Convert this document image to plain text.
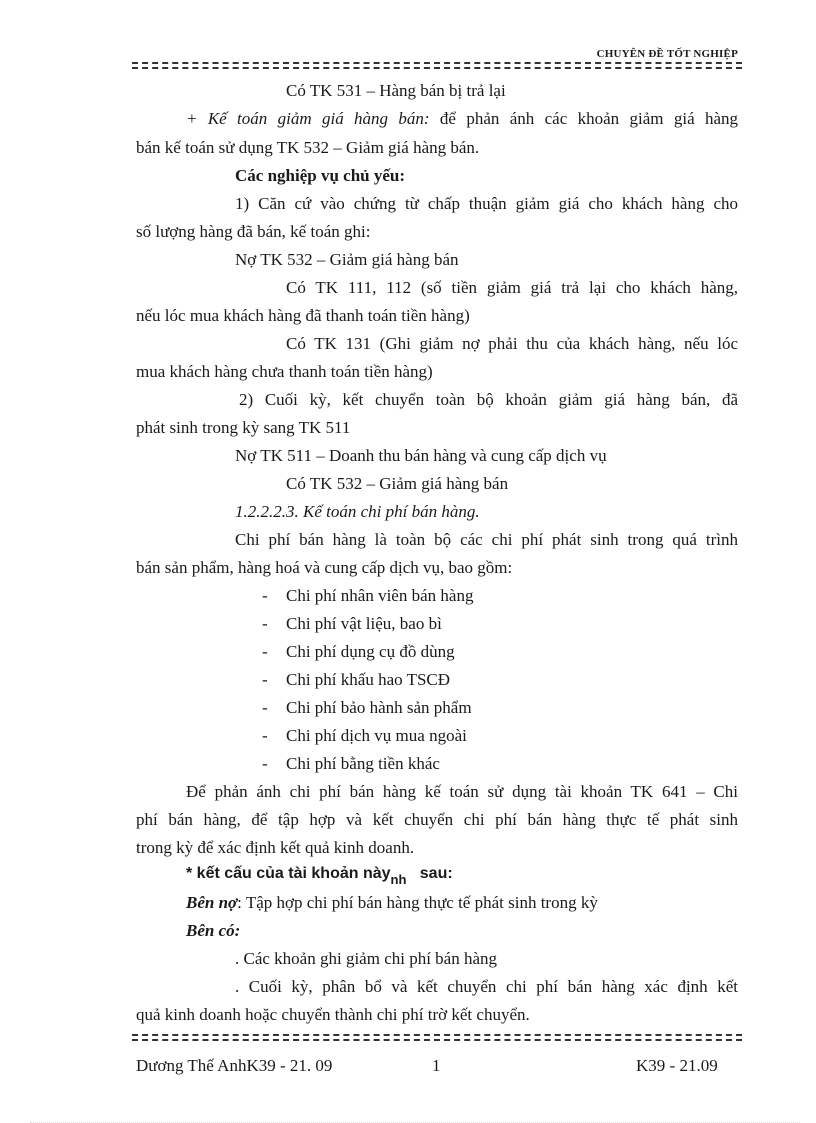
CHUYÊN ĐỀ TỐT NGHIỆP
Có TK 531 – Hàng bán bị trả lại
+ Kế toán giảm giá hàng bán: để phản ánh các khoản giảm giá hàng
bán kế toán sử dụng TK 532 – Giảm giá hàng bán.
Các nghiệp vụ chủ yếu:
1) Căn cứ vào chứng từ chấp thuận giảm giá cho khách hàng cho
số lượng hàng đã bán, kế toán ghi:
Nợ TK 532 – Giảm giá hàng bán
Có TK 111, 112 (số tiền giảm giá trả lại cho khách hàng,
nếu lóc mua khách hàng đã thanh toán tiền hàng)
Có TK 131 (Ghi giảm nợ phải thu của khách hàng, nếu lóc
mua khách hàng chưa thanh toán tiền hàng)
2) Cuối kỳ, kết chuyển toàn bộ khoản giảm giá hàng bán, đã
phát sinh trong kỳ sang TK 511
Nợ TK 511 – Doanh thu bán hàng và cung cấp dịch vụ
Có TK 532 – Giảm giá hàng bán
1.2.2.2.3. Kế toán chi phí bán hàng.
Chi phí bán hàng là toàn bộ các chi phí phát sinh trong quá trình
bán sản phẩm, hàng hoá và cung cấp dịch vụ, bao gồm:
- Chi phí nhân viên bán hàng
- Chi phí vật liệu, bao bì
- Chi phí dụng cụ đồ dùng
- Chi phí khấu hao TSCĐ
- Chi phí bảo hành sản phẩm
- Chi phí dịch vụ mua ngoài
- Chi phí bằng tiền khác
Để phản ánh chi phí bán hàng kế toán sử dụng tài khoản TK 641 – Chi
phí bán hàng, để tập hợp và kết chuyển chi phí bán hàng thực tế phát sinh
trong kỳ để xác định kết quả kinh doanh.
* kết cấu của tài khoản này$_{nh}$ sau:
Bên nợ: Tập hợp chi phí bán hàng thực tế phát sinh trong kỳ
Bên có:
. Các khoản ghi giảm chi phí bán hàng
. Cuối kỳ, phân bổ và kết chuyển chi phí bán hàng xác định kết
quả kinh doanh hoặc chuyển thành chi phí trờ kết chuyển.
Dương Thế AnhK39 - 21. 09	1	K39 - 21.09
